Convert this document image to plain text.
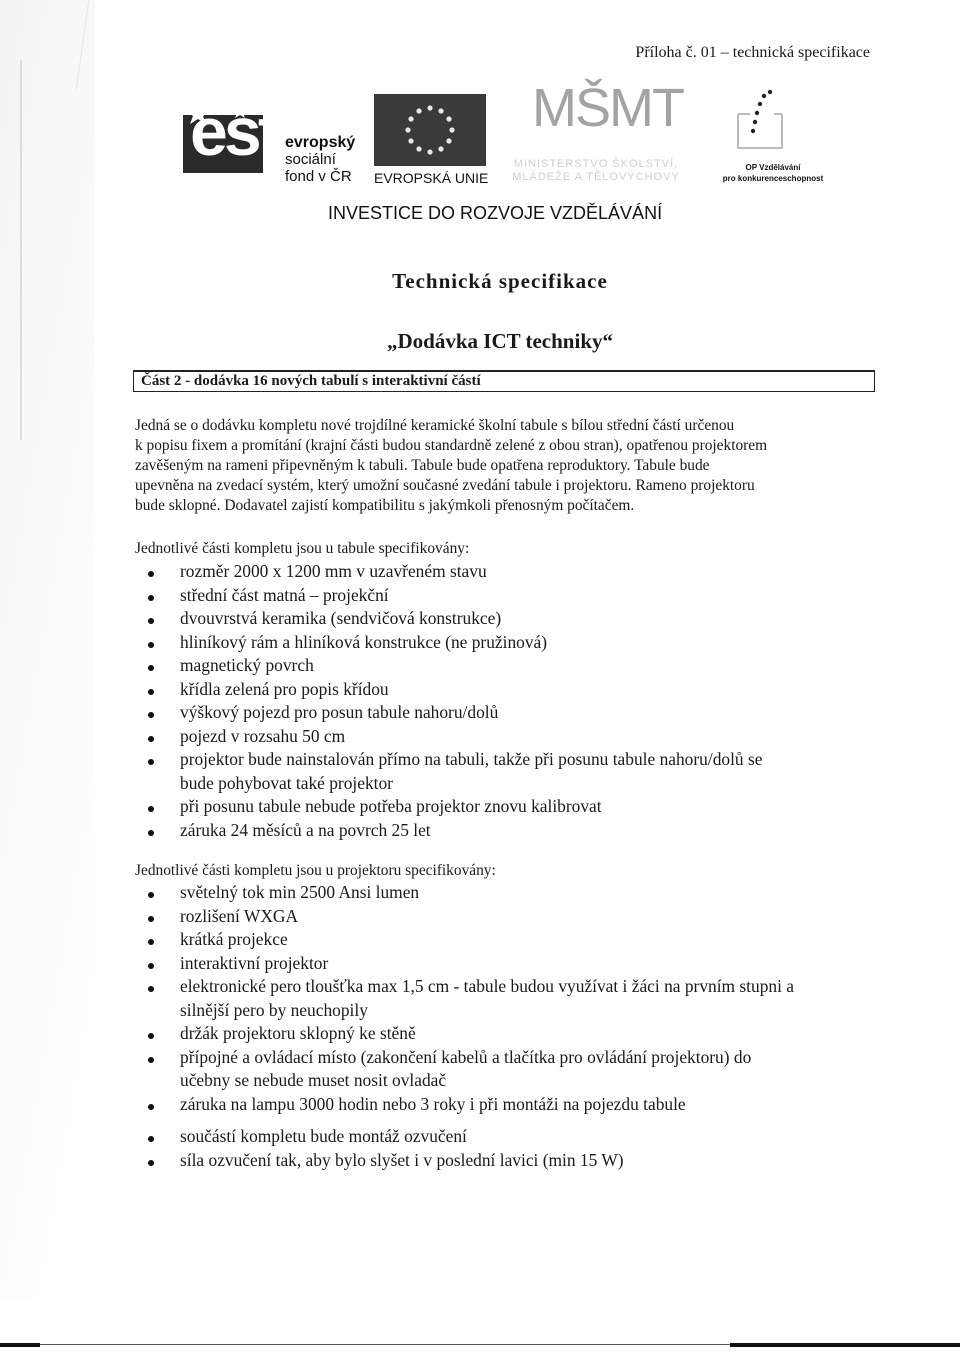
Příloha č. 01 – technická specifikace
esf evropský
sociální
fond v ČR EVROPSKÁ UNIE
MŠMT
MINISTERSTVO ŠKOLSTVÍ,
MLÁDEŽE A TĚLOVÝCHOVY
OP Vzdělávání
pro konkurenceschopnost
INVESTICE DO ROZVOJE VZDĚLÁVÁNÍ
Technická specifikace
„Dodávka ICT techniky“
Část 2 - dodávka 16 nových tabulí s interaktivní částí
Jedná se o dodávku kompletu nové trojdílné keramické školní tabule s bílou střední částí určenou
k popisu fixem a promítání (krajní části budou standardně zelené z obou stran), opatřenou projektorem
zavěšeným na rameni připevněným k tabuli. Tabule bude opatřena reproduktory. Tabule bude
upevněna na zvedací systém, který umožní současné zvedání tabule i projektoru. Rameno projektoru
bude sklopné. Dodavatel zajistí kompatibilitu s jakýmkoli přenosným počítačem.
Jednotlivé části kompletu jsou u tabule specifikovány:
rozměr 2000 x 1200 mm v uzavřeném stavu
střední část matná – projekční
dvouvrstvá keramika (sendvičová konstrukce)
hliníkový rám a hliníková konstrukce (ne pružinová)
magnetický povrch
křídla zelená pro popis křídou
výškový pojezd pro posun tabule nahoru/dolů
pojezd v rozsahu 50 cm
projektor bude nainstalován přímo na tabuli, takže při posunu tabule nahoru/dolů se
bude pohybovat také projektor
při posunu tabule nebude potřeba projektor znovu kalibrovat
záruka 24 měsíců a na povrch 25 let
Jednotlivé části kompletu jsou u projektoru specifikovány:
světelný tok min 2500 Ansi lumen
rozlišení WXGA
krátká projekce
interaktivní projektor
elektronické pero tloušťka max 1,5 cm - tabule budou využívat i žáci na prvním stupni a
silnější pero by neuchopily
držák projektoru sklopný ke stěně
přípojné a ovládací místo (zakončení kabelů a tlačítka pro ovládání projektoru) do
učebny se nebude muset nosit ovladač
záruka na lampu 3000 hodin nebo 3 roky i při montáži na pojezdu tabule
součástí kompletu bude montáž ozvučení
síla ozvučení tak, aby bylo slyšet i v poslední lavici (min 15 W)
